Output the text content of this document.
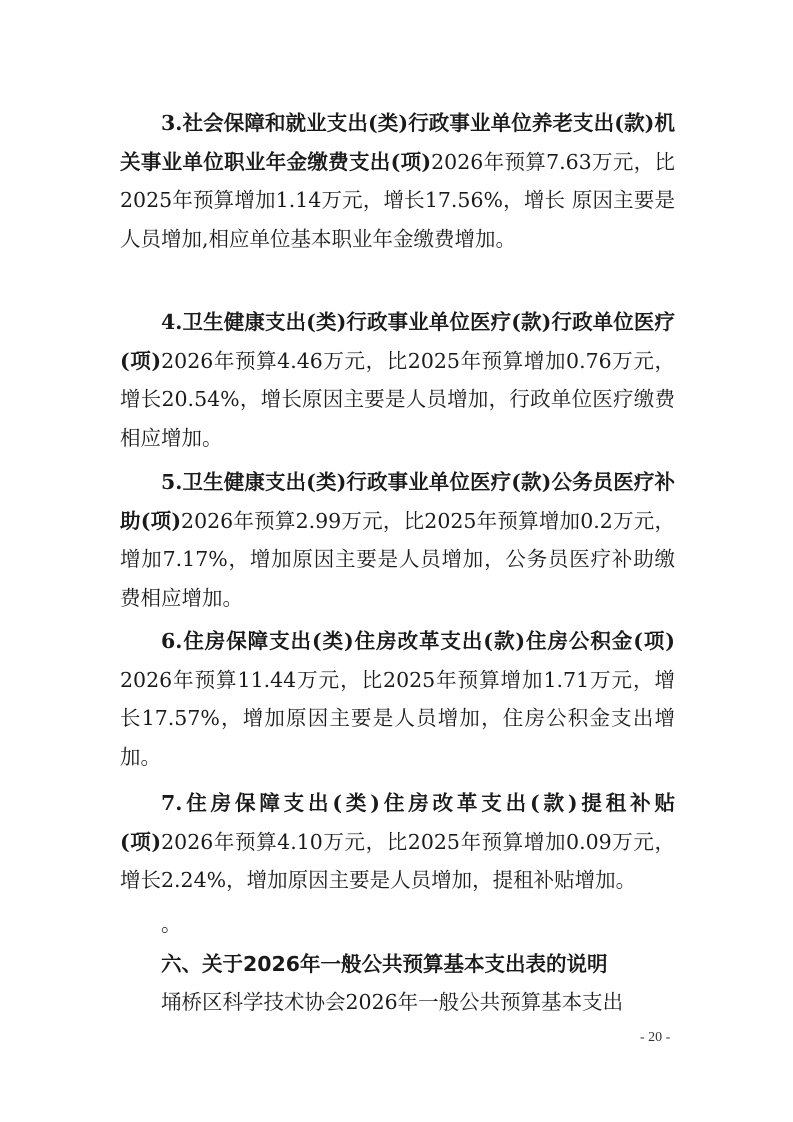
3.社会保障和就业支出(类)行政事业单位养老支出(款)机关事业单位职业年金缴费支出(项)2026年预算7.63万元，比2025年预算增加1.14万元，增长17.56%，增长 原因主要是人员增加,相应单位基本职业年金缴费增加。

4.卫生健康支出(类)行政事业单位医疗(款)行政单位医疗(项)2026年预算4.46万元，比2025年预算增加0.76万元，增长20.54%，增长原因主要是人员增加，行政单位医疗缴费相应增加。

5.卫生健康支出(类)行政事业单位医疗(款)公务员医疗补助(项)2026年预算2.99万元，比2025年预算增加0.2万元，增加7.17%，增加原因主要是人员增加，公务员医疗补助缴费相应增加。

6.住房保障支出(类)住房改革支出(款)住房公积金(项) 2026年预算11.44万元，比2025年预算增加1.71万元，增长17.57%，增加原因主要是人员增加，住房公积金支出增加。

7.住房保障支出(类)住房改革支出(款)提租补贴(项)2026年预算4.10万元，比2025年预算增加0.09万元，增长2.24%，增加原因主要是人员增加，提租补贴增加。

。

六、关于2026年一般公共预算基本支出表的说明

埇桥区科学技术协会2026年一般公共预算基本支出

- 20 -
